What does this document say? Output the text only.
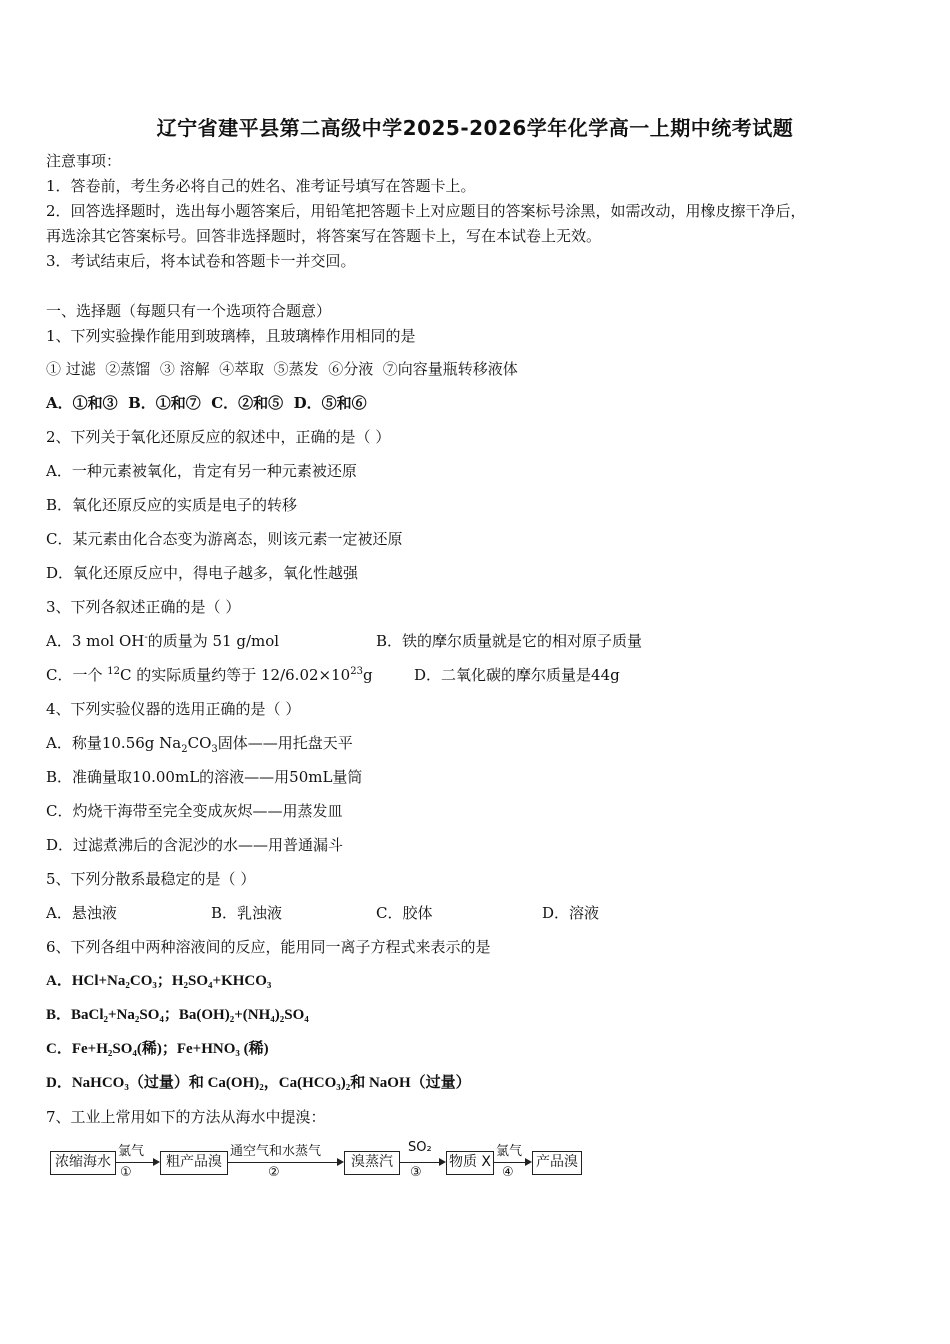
辽宁省建平县第二高级中学2025-2026学年化学高一上期中统考试题
注意事项：
1．答卷前，考生务必将自己的姓名、准考证号填写在答题卡上。
2．回答选择题时，选出每小题答案后，用铅笔把答题卡上对应题目的答案标号涂黑，如需改动，用橡皮擦干净后，
再选涂其它答案标号。回答非选择题时，将答案写在答题卡上，写在本试卷上无效。
3．考试结束后，将本试卷和答题卡一并交回。
一、选择题（每题只有一个选项符合题意）
1、下列实验操作能用到玻璃棒，且玻璃棒作用相同的是
① 过滤  ②蒸馏  ③ 溶解  ④萃取  ⑤蒸发  ⑥分液  ⑦向容量瓶转移液体
A．①和③  B．①和⑦  C．②和⑤  D．⑤和⑥
2、下列关于氧化还原反应的叙述中，正确的是（ ）
A．一种元素被氧化，肯定有另一种元素被还原
B．氧化还原反应的实质是电子的转移
C．某元素由化合态变为游离态，则该元素一定被还原
D．氧化还原反应中，得电子越多，氧化性越强
3、下列各叙述正确的是（ ）
A．3 mol OH-的质量为 51 g/mol	B．铁的摩尔质量就是它的相对原子质量
C．一个 $^{12}$C 的实际质量约等于 $12/6.02\times 10^{23}g$	D．二氧化碳的摩尔质量是44g
4、下列实验仪器的选用正确的是（ ）
A．称量10.56g $Na_2CO_3$固体——用托盘天平
B．准确量取10.00mL的溶液——用50mL量筒
C．灼烧干海带至完全变成灰烬——用蒸发皿
D．过滤煮沸后的含泥沙的水——用普通漏斗
5、下列分散系最稳定的是（ ）
A．悬浊液	B．乳浊液	C．胶体	D．溶液
6、下列各组中两种溶液间的反应，能用同一离子方程式来表示的是
A．HCl+Na₂CO₃；H₂SO₄+KHCO₃
B．BaCl₂+Na₂SO₄；Ba(OH)₂+(NH₄)₂SO₄
C．Fe+H₂SO₄(稀)；Fe+HNO₃ (稀)
D．NaHCO₃（过量）和 Ca(OH)₂，Ca(HCO₃)₂和 NaOH（过量）
7、工业上常用如下的方法从海水中提溴：
浓缩海水
氯气
①
粗产品溴
通空气和水蒸气
②
溴蒸汽
SO₂
③
物质 X
氯气
④
产品溴
